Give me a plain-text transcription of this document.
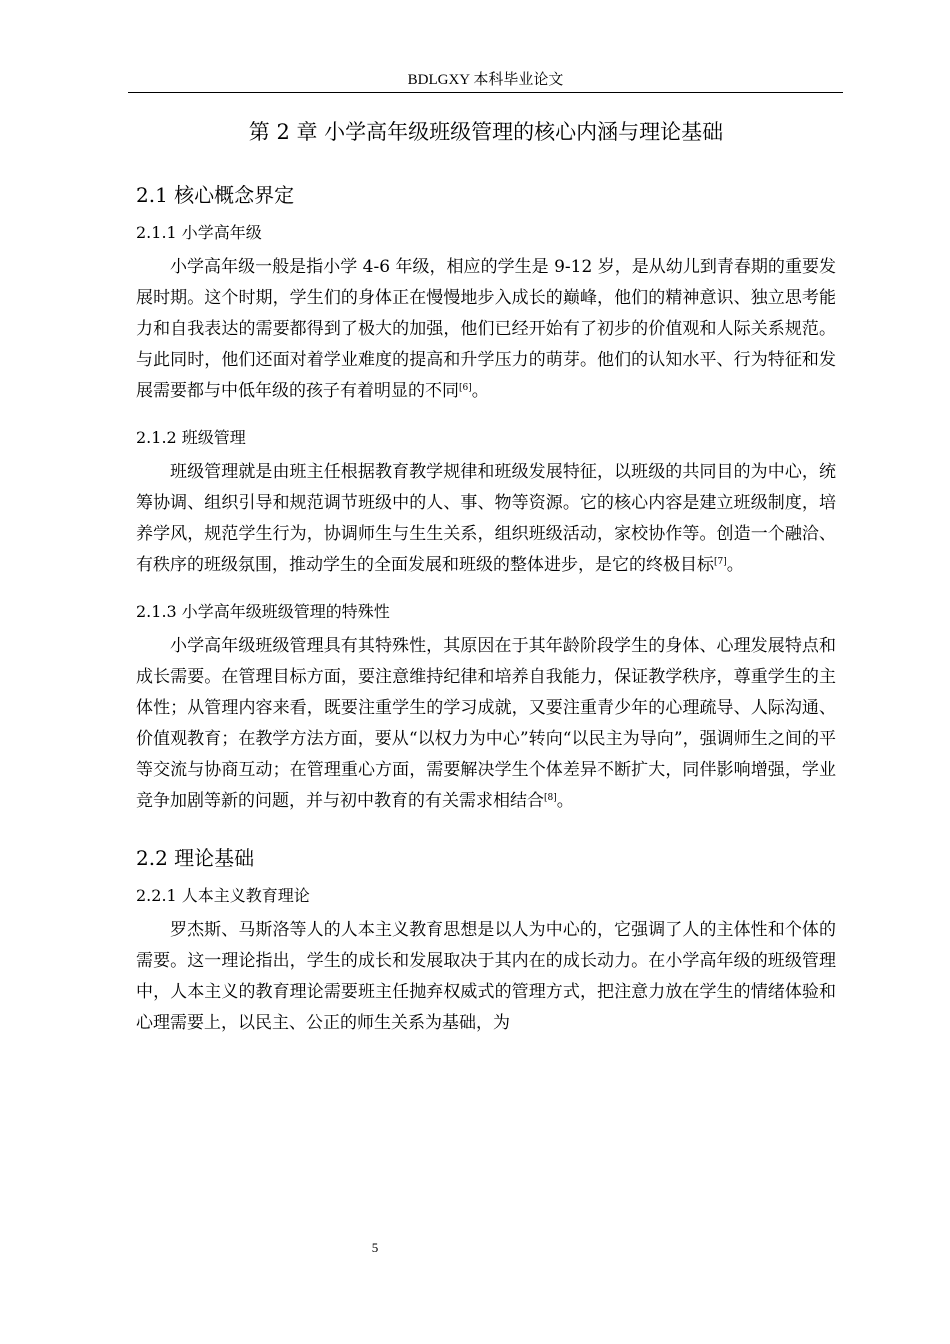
BDLGXY 本科毕业论文
第 2 章 小学高年级班级管理的核心内涵与理论基础
2.1 核心概念界定
2.1.1 小学高年级

小学高年级一般是指小学 4-6 年级，相应的学生是 9-12 岁，是从幼儿到青春期的重要发展时期。这个时期，学生们的身体正在慢慢地步入成长的巅峰，他们的精神意识、独立思考能力和自我表达的需要都得到了极大的加强，他们已经开始有了初步的价值观和人际关系规范。与此同时，他们还面对着学业难度的提高和升学压力的萌芽。他们的认知水平、行为特征和发展需要都与中低年级的孩子有着明显的不同[6]。

2.1.2 班级管理

班级管理就是由班主任根据教育教学规律和班级发展特征，以班级的共同目的为中心，统筹协调、组织引导和规范调节班级中的人、事、物等资源。它的核心内容是建立班级制度，培养学风，规范学生行为，协调师生与生生关系，组织班级活动，家校协作等。创造一个融洽、有秩序的班级氛围，推动学生的全面发展和班级的整体进步，是它的终极目标[7]。

2.1.3 小学高年级班级管理的特殊性

小学高年级班级管理具有其特殊性，其原因在于其年龄阶段学生的身体、心理发展特点和成长需要。在管理目标方面，要注意维持纪律和培养自我能力，保证教学秩序，尊重学生的主体性；从管理内容来看，既要注重学生的学习成就，又要注重青少年的心理疏导、人际沟通、价值观教育；在教学方法方面，要从“以权力为中心”转向“以民主为导向”，强调师生之间的平等交流与协商互动；在管理重心方面，需要解决学生个体差异不断扩大，同伴影响增强，学业竞争加剧等新的问题，并与初中教育的有关需求相结合[8]。

2.2 理论基础
2.2.1 人本主义教育理论

罗杰斯、马斯洛等人的人本主义教育思想是以人为中心的，它强调了人的主体性和个体的需要。这一理论指出，学生的成长和发展取决于其内在的成长动力。在小学高年级的班级管理中，人本主义的教育理论需要班主任抛弃权威式的管理方式，把注意力放在学生的情绪体验和心理需要上，以民主、公正的师生关系为基础，为

5
